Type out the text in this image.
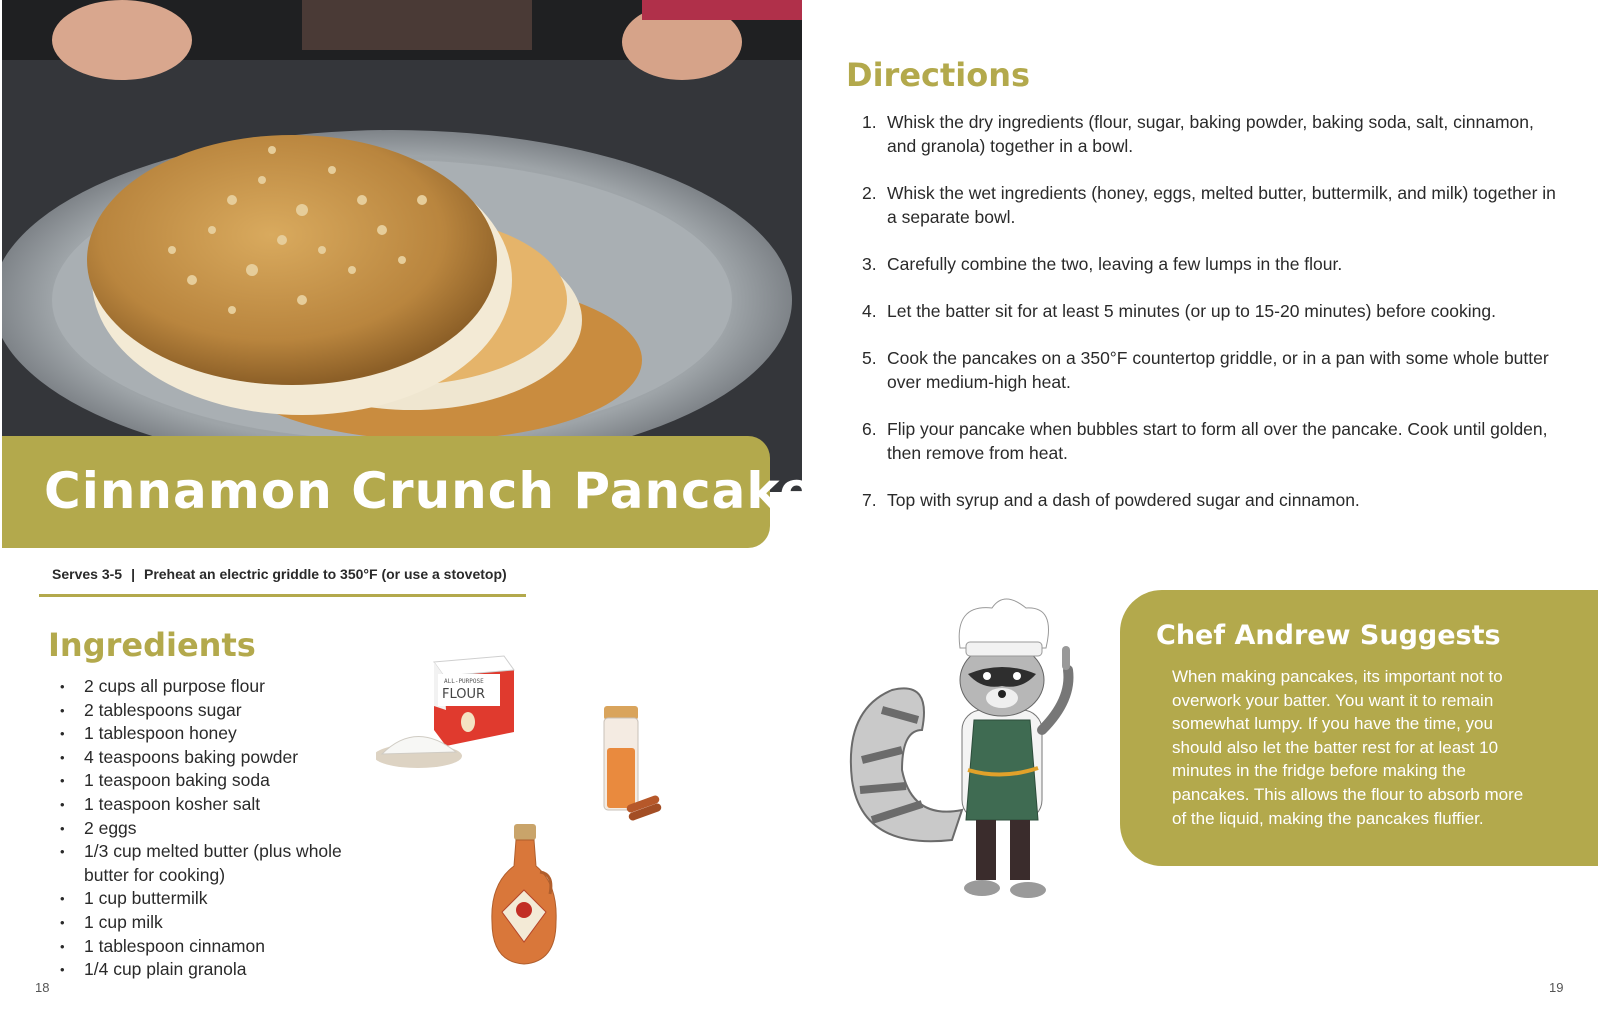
Cinnamon Crunch Pancakes
Serves 3-5 | Preheat an electric griddle to 350°F (or use a stovetop)
Ingredients
• 2 cups all purpose flour
• 2 tablespoons sugar
• 1 tablespoon honey
• 4 teaspoons baking powder
• 1 teaspoon baking soda
• 1 teaspoon kosher salt
• 2 eggs
• 1/3 cup melted butter (plus whole butter for cooking)
• 1 cup buttermilk
• 1 cup milk
• 1 tablespoon cinnamon
• 1/4 cup plain granola
ALL-PURPOSE
FLOUR
18
Directions
1. Whisk the dry ingredients (flour, sugar, baking powder, baking soda, salt, cinnamon, and granola) together in a bowl.
2. Whisk the wet ingredients (honey, eggs, melted butter, buttermilk, and milk) together in a separate bowl.
3. Carefully combine the two, leaving a few lumps in the flour.
4. Let the batter sit for at least 5 minutes (or up to 15-20 minutes) before cooking.
5. Cook the pancakes on a 350°F countertop griddle, or in a pan with some whole butter over medium-high heat.
6. Flip your pancake when bubbles start to form all over the pancake. Cook until golden, then remove from heat.
7. Top with syrup and a dash of powdered sugar and cinnamon.
Chef Andrew Suggests
When making pancakes, its important not to overwork your batter. You want it to remain somewhat lumpy. If you have the time, you should also let the batter rest for at least 10 minutes in the fridge before making the pancakes. This allows the flour to absorb more of the liquid, making the pancakes fluffier.
19
